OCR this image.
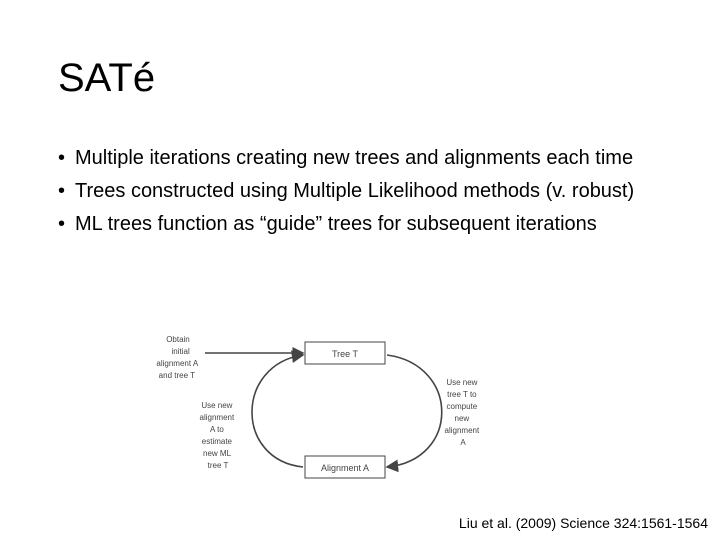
SATé
• Multiple iterations creating new trees and alignments each time
• Trees constructed using Multiple Likelihood methods (v. robust)
• ML trees function as “guide” trees for subsequent iterations
Tree T
Alignment A
Obtain initial alignment A and tree T
Use new alignment A to estimate new ML tree T
Use new tree T to compute new alignment A
Liu et al. (2009) Science 324:1561-1564
